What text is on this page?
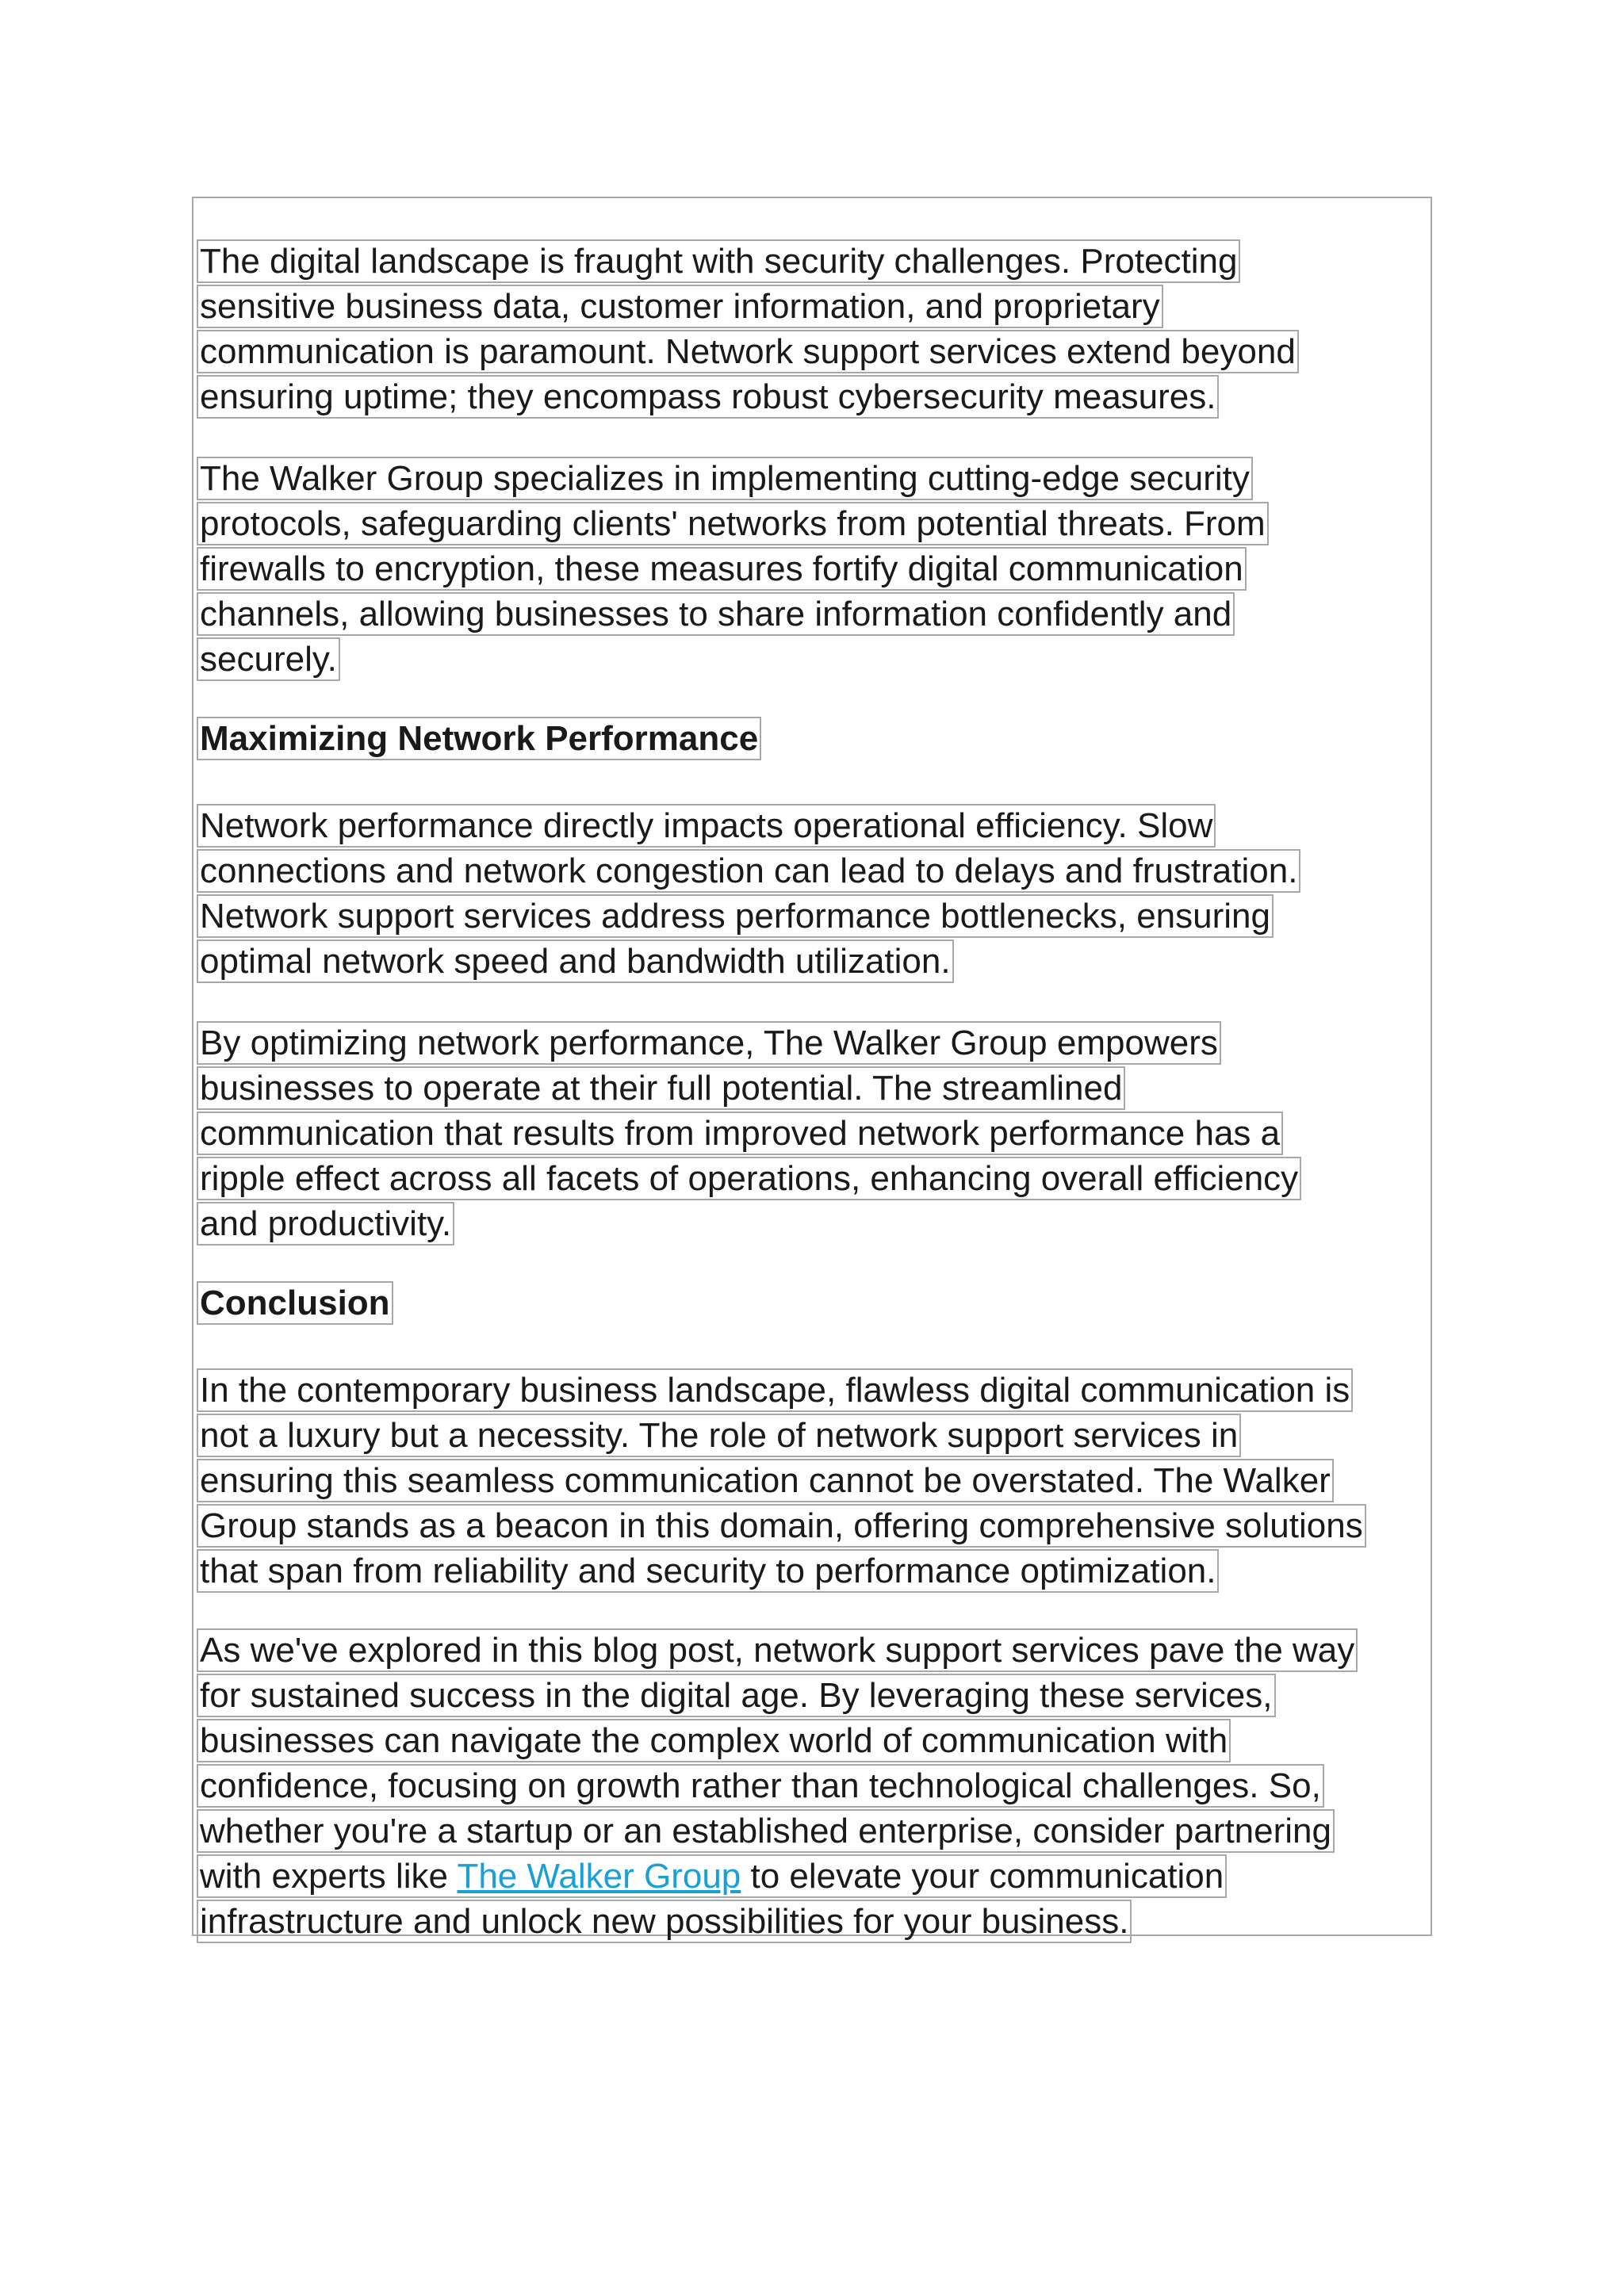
The digital landscape is fraught with security challenges. Protecting
sensitive business data, customer information, and proprietary
communication is paramount. Network support services extend beyond
ensuring uptime; they encompass robust cybersecurity measures.
The Walker Group specializes in implementing cutting-edge security
protocols, safeguarding clients' networks from potential threats. From
firewalls to encryption, these measures fortify digital communication
channels, allowing businesses to share information confidently and
securely.
Maximizing Network Performance
Network performance directly impacts operational efficiency. Slow
connections and network congestion can lead to delays and frustration.
Network support services address performance bottlenecks, ensuring
optimal network speed and bandwidth utilization.
By optimizing network performance, The Walker Group empowers
businesses to operate at their full potential. The streamlined
communication that results from improved network performance has a
ripple effect across all facets of operations, enhancing overall efficiency
and productivity.
Conclusion
In the contemporary business landscape, flawless digital communication is
not a luxury but a necessity. The role of network support services in
ensuring this seamless communication cannot be overstated. The Walker
Group stands as a beacon in this domain, offering comprehensive solutions
that span from reliability and security to performance optimization.
As we've explored in this blog post, network support services pave the way
for sustained success in the digital age. By leveraging these services,
businesses can navigate the complex world of communication with
confidence, focusing on growth rather than technological challenges. So,
whether you're a startup or an established enterprise, consider partnering
with experts like The Walker Group to elevate your communication
infrastructure and unlock new possibilities for your business.
